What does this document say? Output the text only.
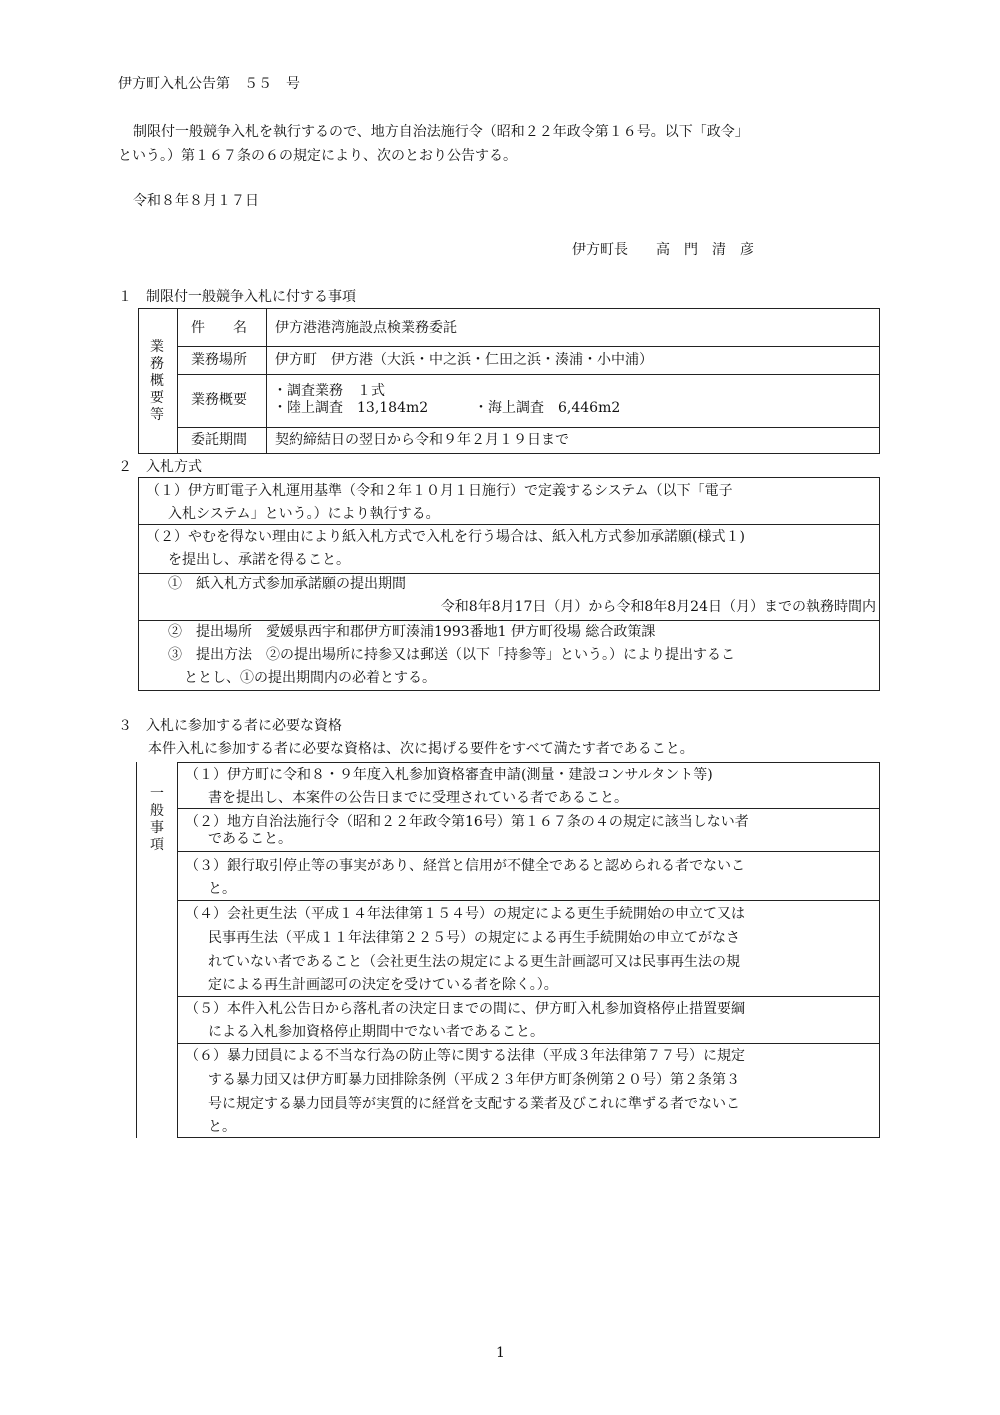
伊方町入札公告第　５５　号
制限付一般競争入札を執行するので、地方自治法施行令（昭和２２年政令第１６号。以下「政令」
という。）第１６７条の６の規定により、次のとおり公告する。
令和８年８月１７日
伊方町長　　高　門　清　彦
１　制限付一般競争入札に付する事項
業務概要等
件　　名 伊方港港湾施設点検業務委託
業務場所 伊方町　伊方港（大浜・中之浜・仁田之浜・湊浦・小中浦）
業務概要
・調査業務　１式
・陸上調査　13,184m2	・海上調査　6,446m2
委託期間 契約締結日の翌日から令和９年２月１９日まで
２　入札方式
（１）伊方町電子入札運用基準（令和２年１０月１日施行）で定義するシステム（以下「電子
入札システム」という。）により執行する。
（２）やむを得ない理由により紙入札方式で入札を行う場合は、紙入札方式参加承諾願(様式１)
を提出し、承諾を得ること。
①　紙入札方式参加承諾願の提出期間
令和8年8月17日（月）から令和8年8月24日（月）までの執務時間内
②　提出場所　愛媛県西宇和郡伊方町湊浦1993番地1 伊方町役場 総合政策課
③　提出方法　②の提出場所に持参又は郵送（以下「持参等」という。）により提出するこ
ととし、①の提出期間内の必着とする。
３　入札に参加する者に必要な資格
本件入札に参加する者に必要な資格は、次に掲げる要件をすべて満たす者であること。
一般事項
（１）伊方町に令和８・９年度入札参加資格審査申請(測量・建設コンサルタント等)
書を提出し、本案件の公告日までに受理されている者であること。
（２）地方自治法施行令（昭和２２年政令第16号）第１６７条の４の規定に該当しない者
であること。
（３）銀行取引停止等の事実があり、経営と信用が不健全であると認められる者でないこ
と。
（４）会社更生法（平成１４年法律第１５４号）の規定による更生手続開始の申立て又は
民事再生法（平成１１年法律第２２５号）の規定による再生手続開始の申立てがなさ
れていない者であること（会社更生法の規定による更生計画認可又は民事再生法の規
定による再生計画認可の決定を受けている者を除く。）。
（５）本件入札公告日から落札者の決定日までの間に、伊方町入札参加資格停止措置要綱
による入札参加資格停止期間中でない者であること。
（６）暴力団員による不当な行為の防止等に関する法律（平成３年法律第７７号）に規定
する暴力団又は伊方町暴力団排除条例（平成２３年伊方町条例第２０号）第２条第３
号に規定する暴力団員等が実質的に経営を支配する業者及びこれに準ずる者でないこ
と。
1
